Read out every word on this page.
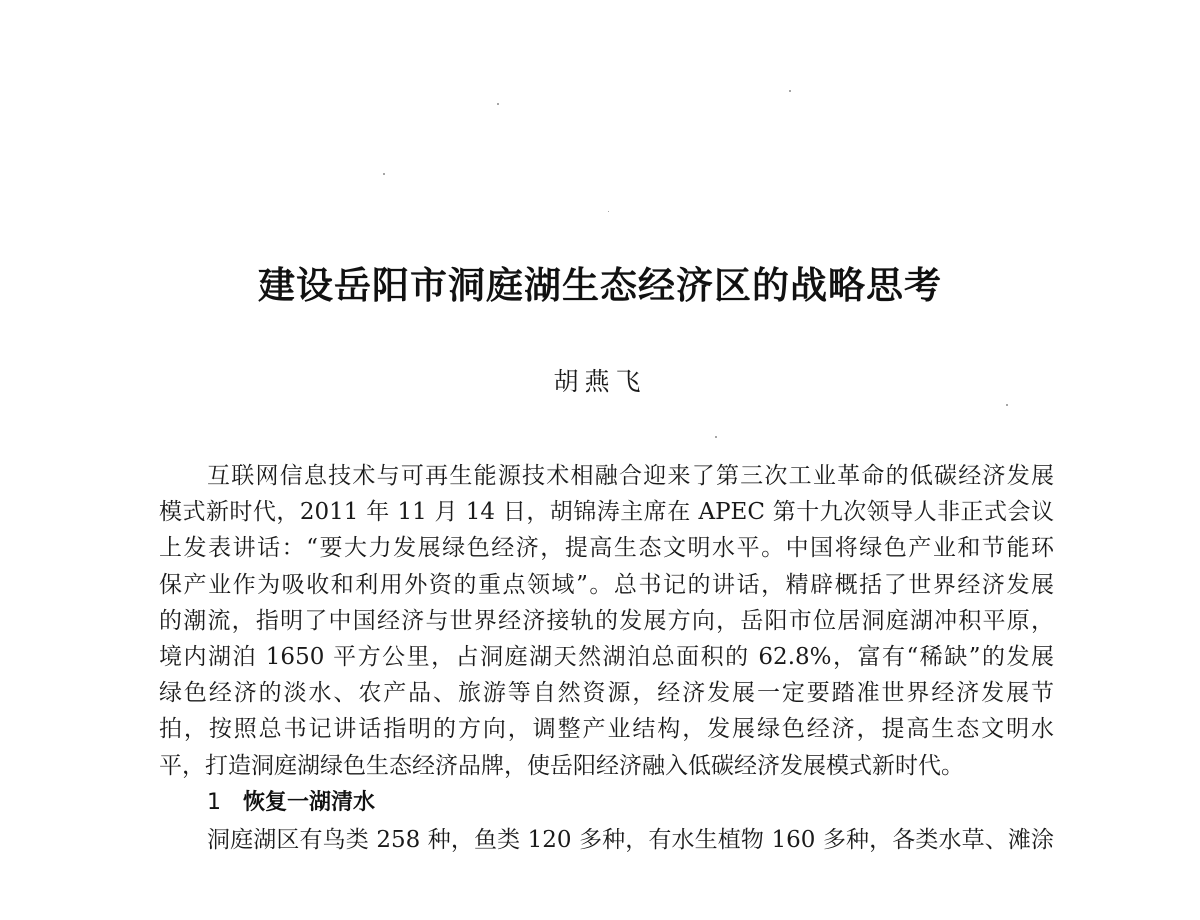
建设岳阳市洞庭湖生态经济区的战略思考
胡燕飞
互联网信息技术与可再生能源技术相融合迎来了第三次工业革命的低碳经济发展
模式新时代，2011 年 11 月 14 日，胡锦涛主席在 APEC 第十九次领导人非正式会议
上发表讲话：“要大力发展绿色经济，提高生态文明水平。中国将绿色产业和节能环
保产业作为吸收和利用外资的重点领域”。总书记的讲话，精辟概括了世界经济发展
的潮流，指明了中国经济与世界经济接轨的发展方向，岳阳市位居洞庭湖冲积平原，
境内湖泊 1650 平方公里，占洞庭湖天然湖泊总面积的 62.8%，富有“稀缺”的发展
绿色经济的淡水、农产品、旅游等自然资源，经济发展一定要踏准世界经济发展节
拍，按照总书记讲话指明的方向，调整产业结构，发展绿色经济，提高生态文明水
平，打造洞庭湖绿色生态经济品牌，使岳阳经济融入低碳经济发展模式新时代。
1 恢复一湖清水
洞庭湖区有鸟类 258 种，鱼类 120 多种，有水生植物 160 多种，各类水草、滩涂
